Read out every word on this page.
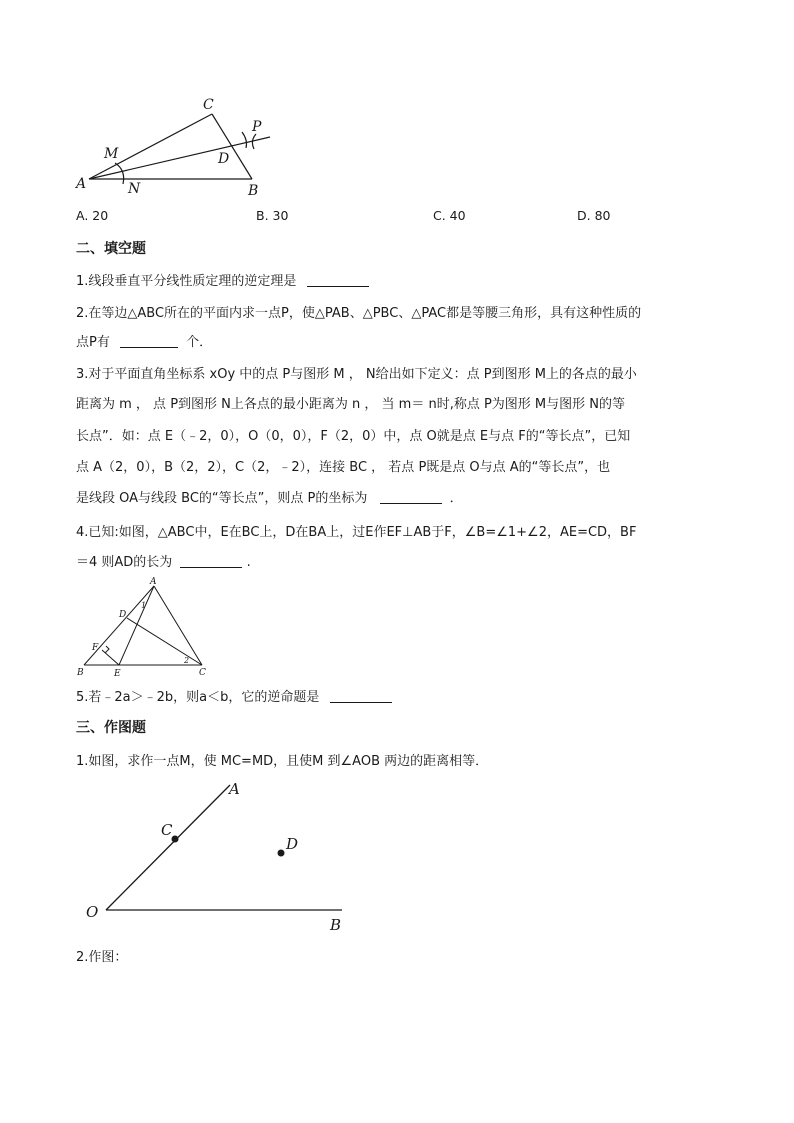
C
P
M	D
A	N	B
A. 20	B. 30	C. 40	D. 80
二、填空题
1.线段垂直平分线性质定理的逆定理是
2.在等边△ABC所在的平面内求一点P，使△PAB、△PBC、△PAC都是等腰三角形，具有这种性质的
点P有	个．
3.对于平面直角坐标系 xOy 中的点 P与图形 M ， N给出如下定义：点 P到图形 M上的各点的最小
距离为 m ， 点 P到图形 N上各点的最小距离为 n ， 当 m＝ n时,称点 P为图形 M与图形 N的等
长点”．如：点 E（﹣2，0），O（0，0），F（2，0）中，点 O就是点 E与点 F的“等长点”，已知
点 A（2，0），B（2，2），C（2，﹣2），连接 BC ， 若点 P既是点 O与点 A的“等长点”，也
是线段 OA与线段 BC的“等长点”，则点 P的坐标为	．
4.已知:如图，△ABC中，E在BC上，D在BA上，过E作EF⊥AB于F，∠B=∠1+∠2，AE=CD，BF
＝4 则AD的长为	.
A
D
1
F
2
B	E	C
5.若﹣2a＞﹣2b，则a＜b，它的逆命题是
三、作图题
1.如图，求作一点M，使 MC=MD，且使M 到∠AOB 两边的距离相等．
A
C
D
O
B
2.作图：
